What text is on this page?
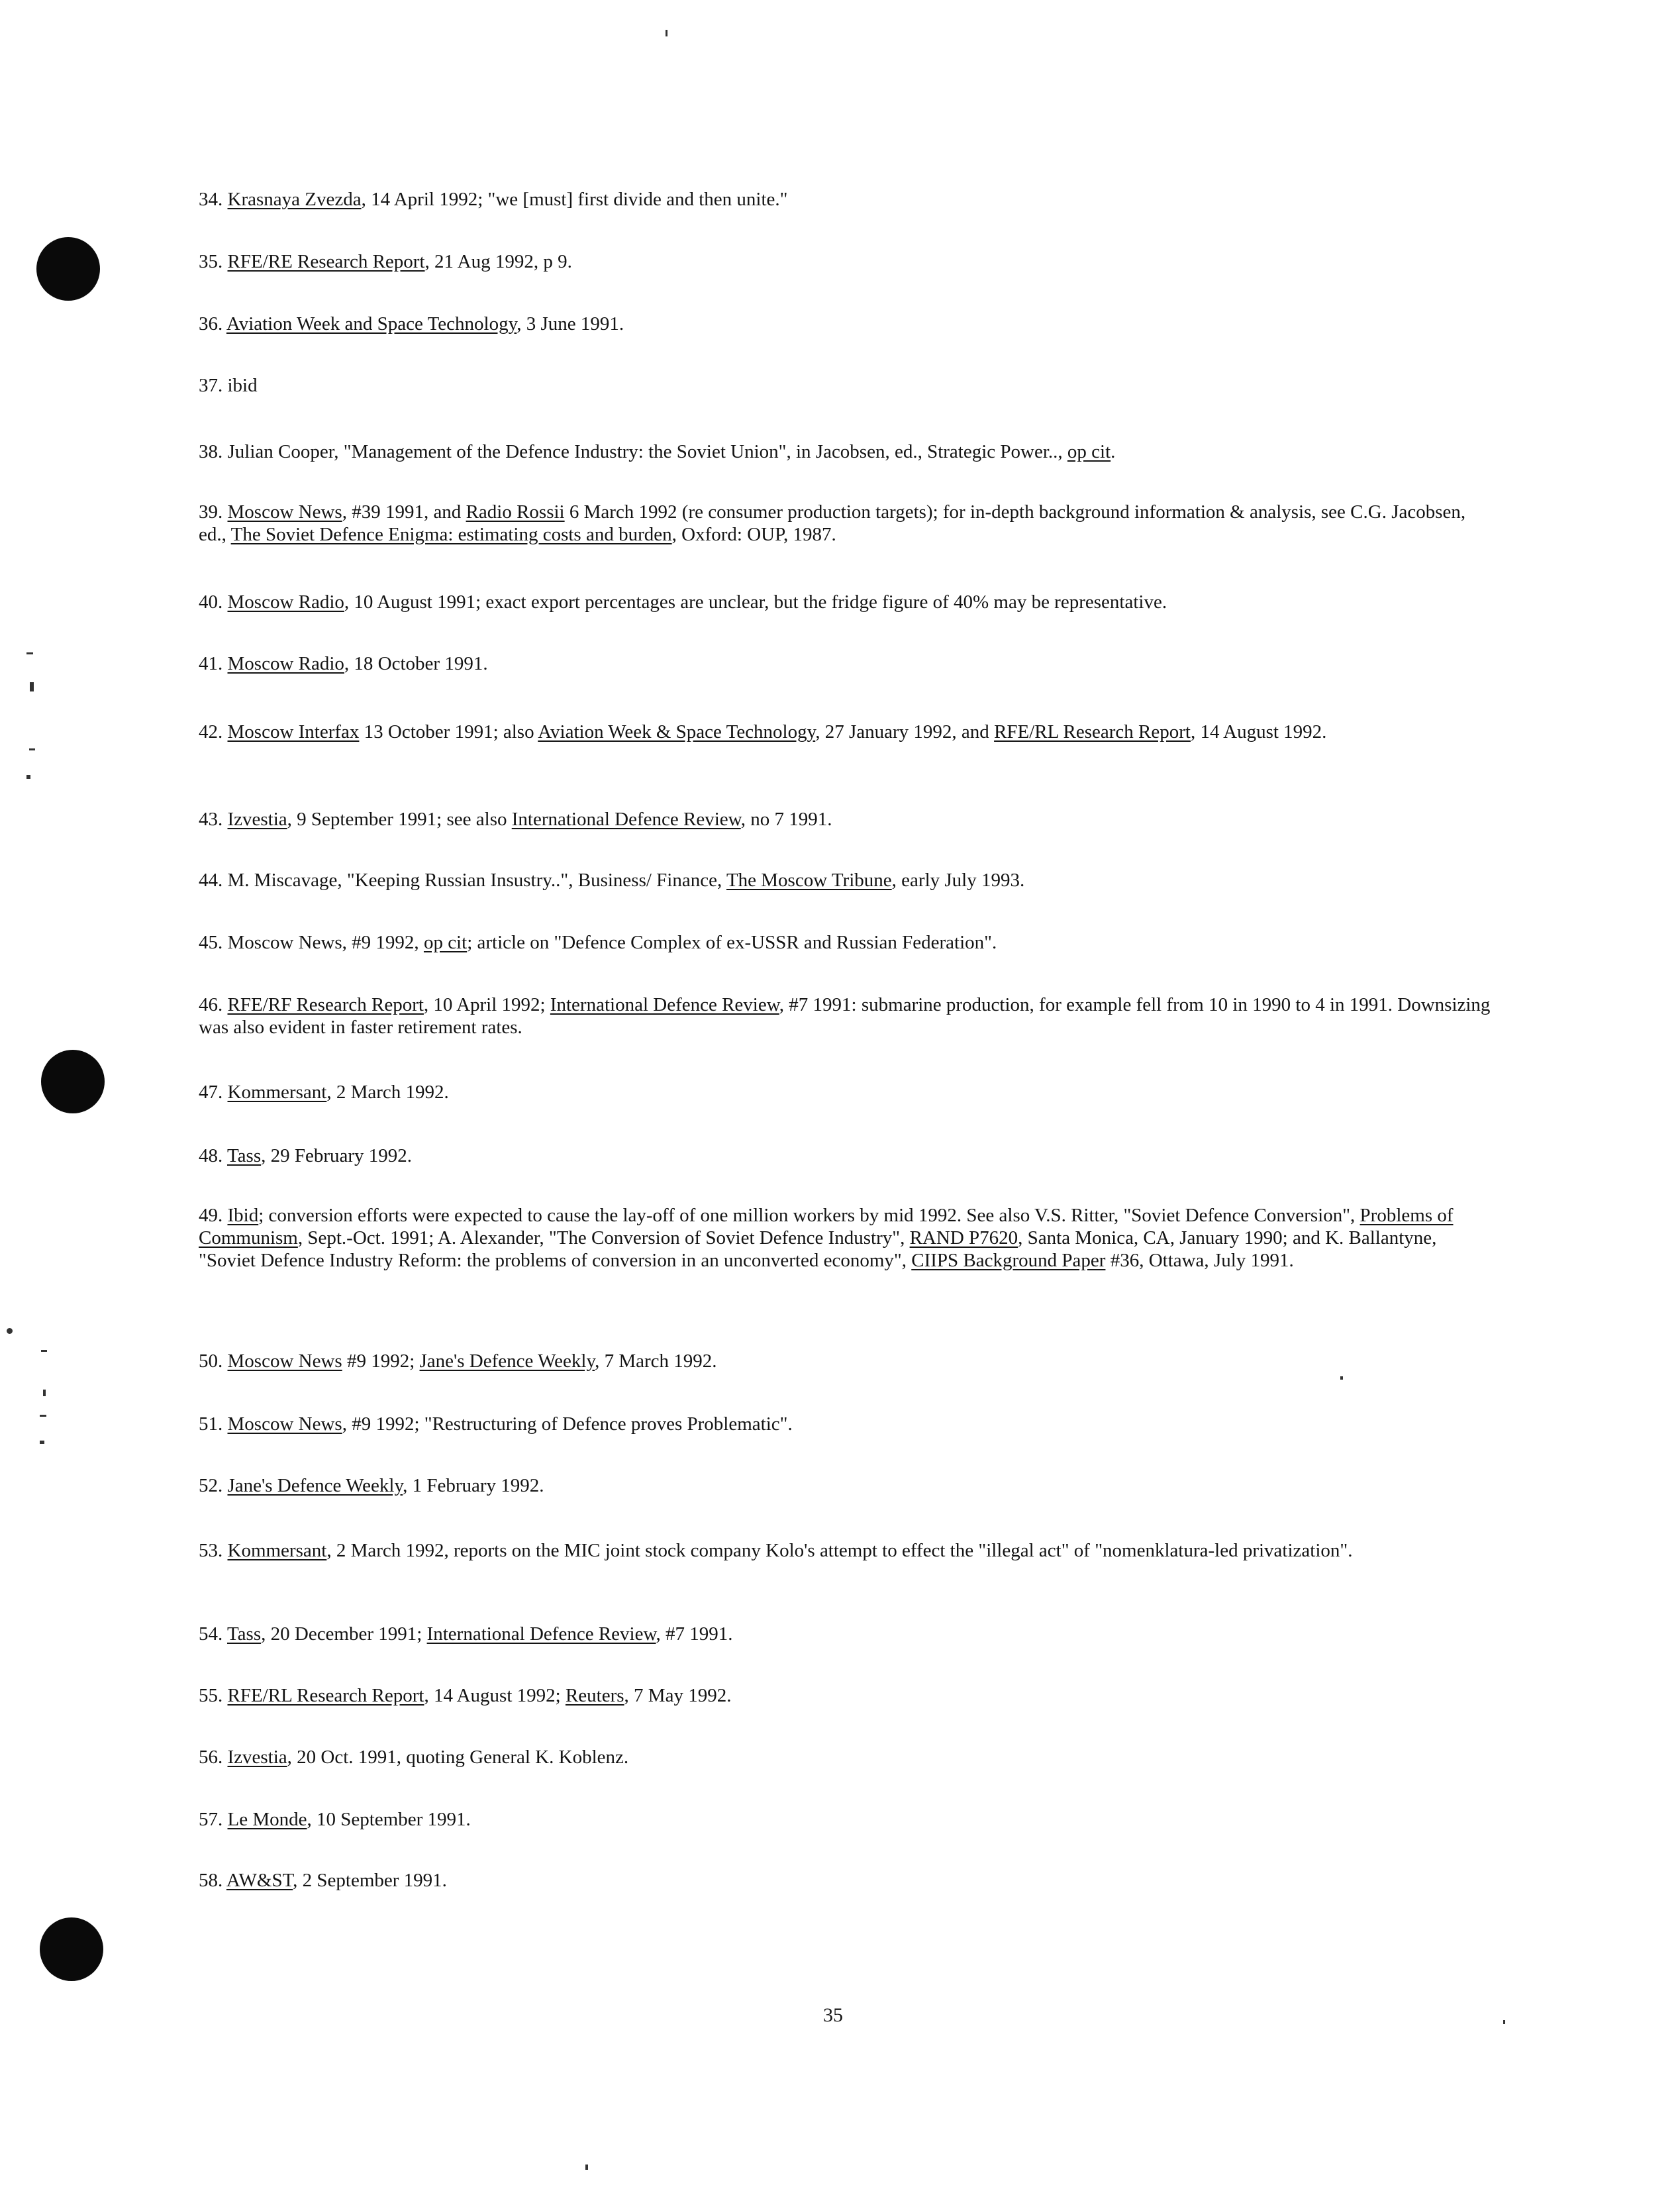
34. Krasnaya Zvezda, 14 April 1992; "we [must] first divide and then unite."
35. RFE/RE Research Report, 21 Aug 1992, p 9.
36. Aviation Week and Space Technology, 3 June 1991.
37. ibid
38. Julian Cooper, "Management of the Defence Industry: the Soviet Union", in Jacobsen, ed., Strategic Power.., op cit.
39. Moscow News, #39 1991, and Radio Rossii 6 March 1992 (re consumer production targets); for in-depth background information & analysis, see C.G. Jacobsen, ed., The Soviet Defence Enigma: estimating costs and burden, Oxford: OUP, 1987.
40. Moscow Radio, 10 August 1991; exact export percentages are unclear, but the fridge figure of 40% may be representative.
41. Moscow Radio, 18 October 1991.
42. Moscow Interfax 13 October 1991; also Aviation Week & Space Technology, 27 January 1992, and RFE/RL Research Report, 14 August 1992.
43. Izvestia, 9 September 1991; see also International Defence Review, no 7 1991.
44. M. Miscavage, "Keeping Russian Insustry..", Business/ Finance, The Moscow Tribune, early July 1993.
45. Moscow News, #9 1992, op cit; article on "Defence Complex of ex-USSR and Russian Federation".
46. RFE/RF Research Report, 10 April 1992; International Defence Review, #7 1991: submarine production, for example fell from 10 in 1990 to 4 in 1991. Downsizing was also evident in faster retirement rates.
47. Kommersant, 2 March 1992.
48. Tass, 29 February 1992.
49. Ibid; conversion efforts were expected to cause the lay-off of one million workers by mid 1992. See also V.S. Ritter, "Soviet Defence Conversion", Problems of Communism, Sept.-Oct. 1991; A. Alexander, "The Conversion of Soviet Defence Industry", RAND P7620, Santa Monica, CA, January 1990; and K. Ballantyne, "Soviet Defence Industry Reform: the problems of conversion in an unconverted economy", CIIPS Background Paper #36, Ottawa, July 1991.
50. Moscow News #9 1992; Jane's Defence Weekly, 7 March 1992.
51. Moscow News, #9 1992; "Restructuring of Defence proves Problematic".
52. Jane's Defence Weekly, 1 February 1992.
53. Kommersant, 2 March 1992, reports on the MIC joint stock company Kolo's attempt to effect the "illegal act" of "nomenklatura-led privatization".
54. Tass, 20 December 1991; International Defence Review, #7 1991.
55. RFE/RL Research Report, 14 August 1992; Reuters, 7 May 1992.
56. Izvestia, 20 Oct. 1991, quoting General K. Koblenz.
57. Le Monde, 10 September 1991.
58. AW&ST, 2 September 1991.
35
